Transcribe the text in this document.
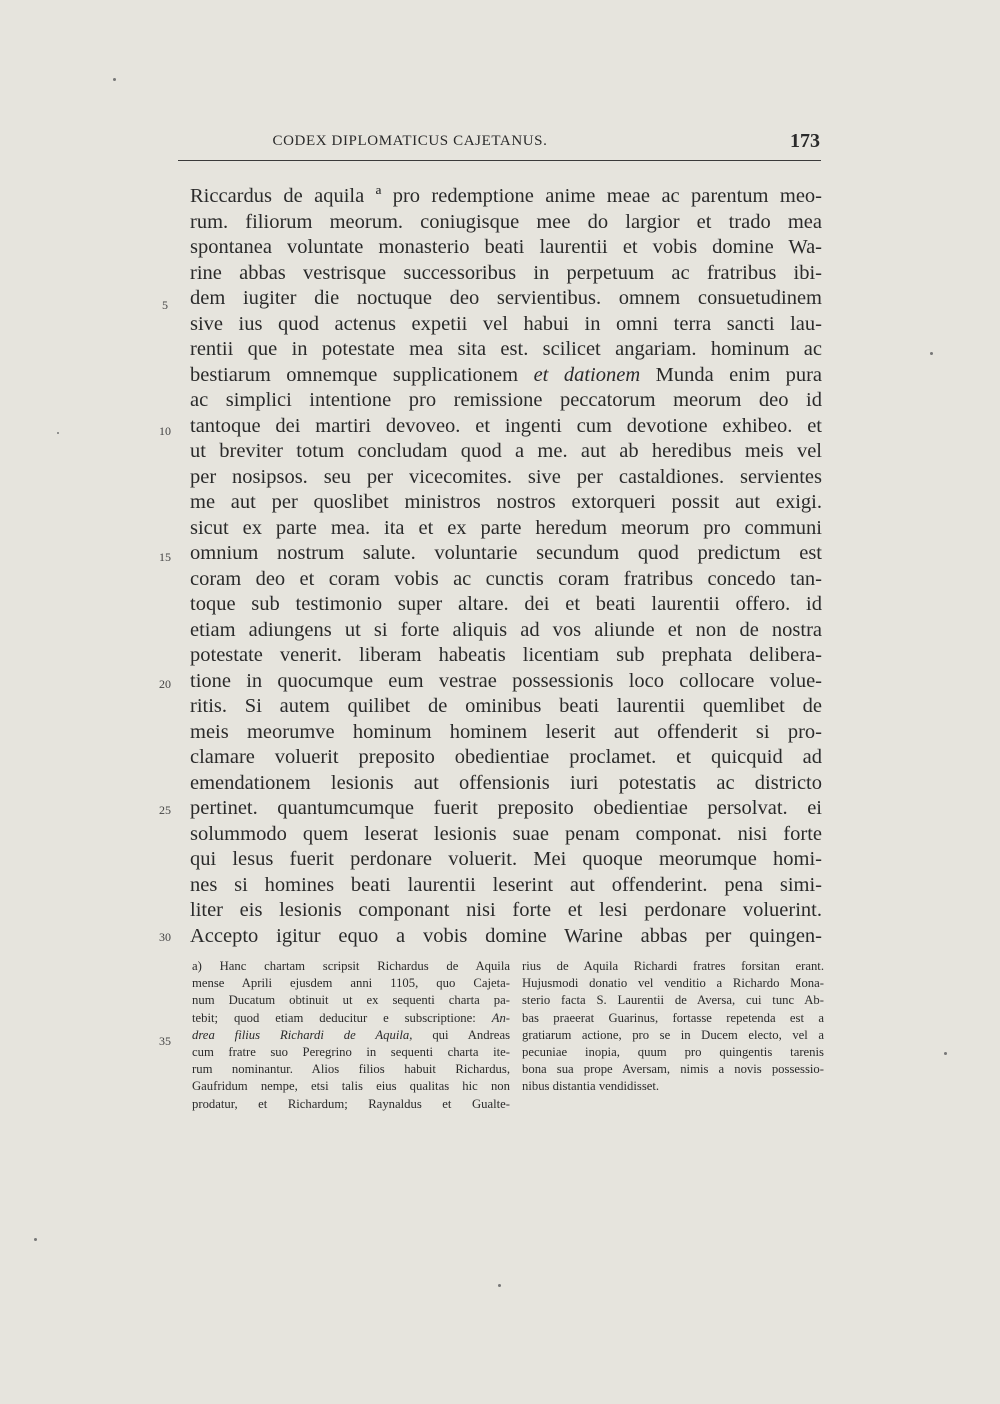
CODEX DIPLOMATICUS CAJETANUS.	173
Riccardus de aquila ª pro redemptione anime meae ac parentum meo-
rum. filiorum meorum. coniugisque mee do largior et trado mea
spontanea voluntate monasterio beati laurentii et vobis domine Wa-
rine abbas vestrisque successoribus in perpetuum ac fratribus ibi-
dem iugiter die noctuque deo servientibus. omnem consuetudinem
sive ius quod actenus expetii vel habui in omni terra sancti lau-
rentii que in potestate mea sita est. scilicet angariam. hominum ac
bestiarum omnemque supplicationem et dationem Munda enim pura
ac simplici intentione pro remissione peccatorum meorum deo id
tantoque dei martiri devoveo. et ingenti cum devotione exhibeo. et
ut breviter totum concludam quod a me. aut ab heredibus meis vel
per nosipsos. seu per vicecomites. sive per castaldiones. servientes
me aut per quoslibet ministros nostros extorqueri possit aut exigi.
sicut ex parte mea. ita et ex parte heredum meorum pro communi
omnium nostrum salute. voluntarie secundum quod predictum est
coram deo et coram vobis ac cunctis coram fratribus concedo tan-
toque sub testimonio super altare. dei et beati laurentii offero. id
etiam adiungens ut si forte aliquis ad vos aliunde et non de nostra
potestate venerit. liberam habeatis licentiam sub prephata delibera-
tione in quocumque eum vestrae possessionis loco collocare volue-
ritis. Si autem quilibet de ominibus beati laurentii quemlibet de
meis meorumve hominum hominem leserit aut offenderit si pro-
clamare voluerit preposito obedientiae proclamet. et quicquid ad
emendationem lesionis aut offensionis iuri potestatis ac districto
pertinet. quantumcumque fuerit preposito obedientiae persolvat. ei
solummodo quem leserat lesionis suae penam componat. nisi forte
qui lesus fuerit perdonare voluerit. Mei quoque meorumque homi-
nes si homines beati laurentii leserint aut offenderint. pena simi-
liter eis lesionis componant nisi forte et lesi perdonare voluerint.
Accepto igitur equo a vobis domine Warine abbas per quingen-
5
10
15
20
25
30
35
a) Hanc chartam scripsit Richardus de Aquila
mense Aprili ejusdem anni 1105, quo Cajeta-
num Ducatum obtinuit ut ex sequenti charta pa-
tebit; quod etiam deducitur e subscriptione: An-
drea filius Richardi de Aquila, qui Andreas
cum fratre suo Peregrino in sequenti charta ite-
rum nominantur. Alios filios habuit Richardus,
Gaufridum nempe, etsi talis eius qualitas hic non
prodatur, et Richardum; Raynaldus et Gualte-
rius de Aquila Richardi fratres forsitan erant.
Hujusmodi donatio vel venditio a Richardo Mona-
sterio facta S. Laurentii de Aversa, cui tunc Ab-
bas praeerat Guarinus, fortasse repetenda est a
gratiarum actione, pro se in Ducem electo, vel a
pecuniae inopia, quum pro quingentis tarenis
bona sua prope Aversam, nimis a novis possessio-
nibus distantia vendidisset.
